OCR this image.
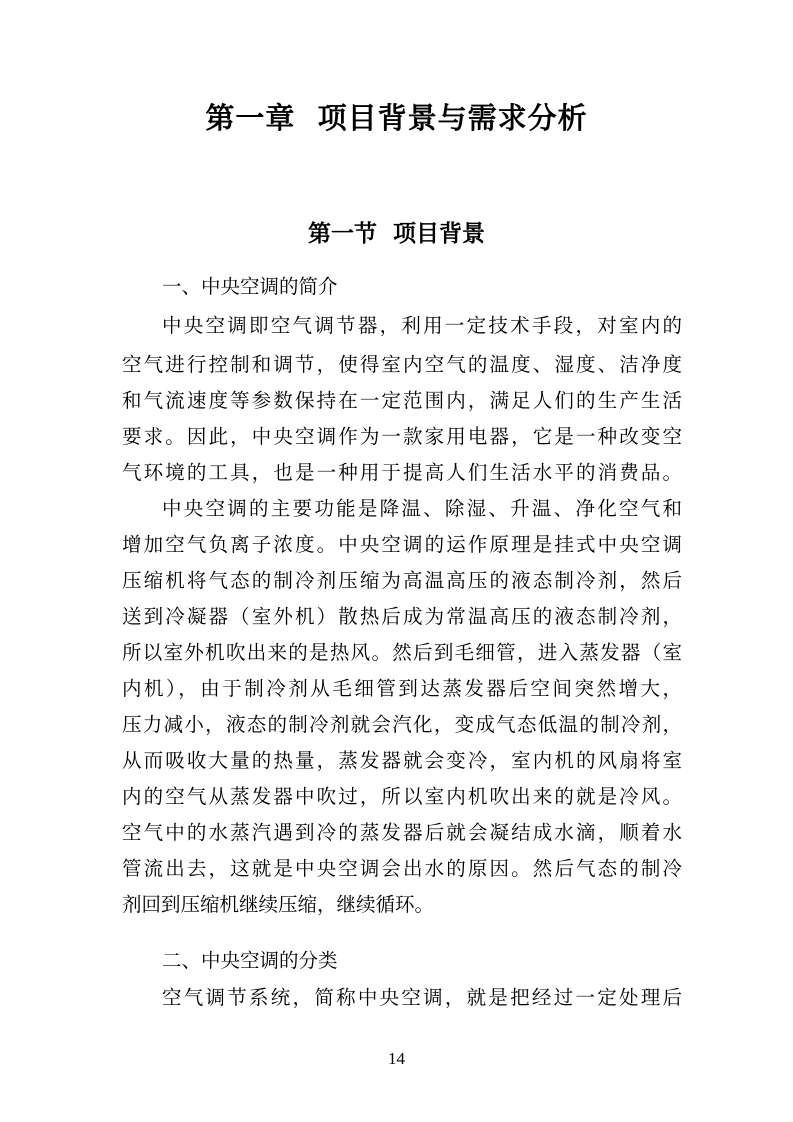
第一章  项目背景与需求分析
第一节  项目背景
一、中央空调的简介
中央空调即空气调节器，利用一定技术手段，对室内的
空气进行控制和调节，使得室内空气的温度、湿度、洁净度
和气流速度等参数保持在一定范围内，满足人们的生产生活
要求。因此，中央空调作为一款家用电器，它是一种改变空
气环境的工具，也是一种用于提高人们生活水平的消费品。
中央空调的主要功能是降温、除湿、升温、净化空气和
增加空气负离子浓度。中央空调的运作原理是挂式中央空调
压缩机将气态的制冷剂压缩为高温高压的液态制冷剂，然后
送到冷凝器（室外机）散热后成为常温高压的液态制冷剂，
所以室外机吹出来的是热风。然后到毛细管，进入蒸发器（室
内机），由于制冷剂从毛细管到达蒸发器后空间突然增大，
压力减小，液态的制冷剂就会汽化，变成气态低温的制冷剂，
从而吸收大量的热量，蒸发器就会变冷，室内机的风扇将室
内的空气从蒸发器中吹过，所以室内机吹出来的就是冷风。
空气中的水蒸汽遇到冷的蒸发器后就会凝结成水滴，顺着水
管流出去，这就是中央空调会出水的原因。然后气态的制冷
剂回到压缩机继续压缩，继续循环。
二、中央空调的分类
空气调节系统，简称中央空调，就是把经过一定处理后
14
